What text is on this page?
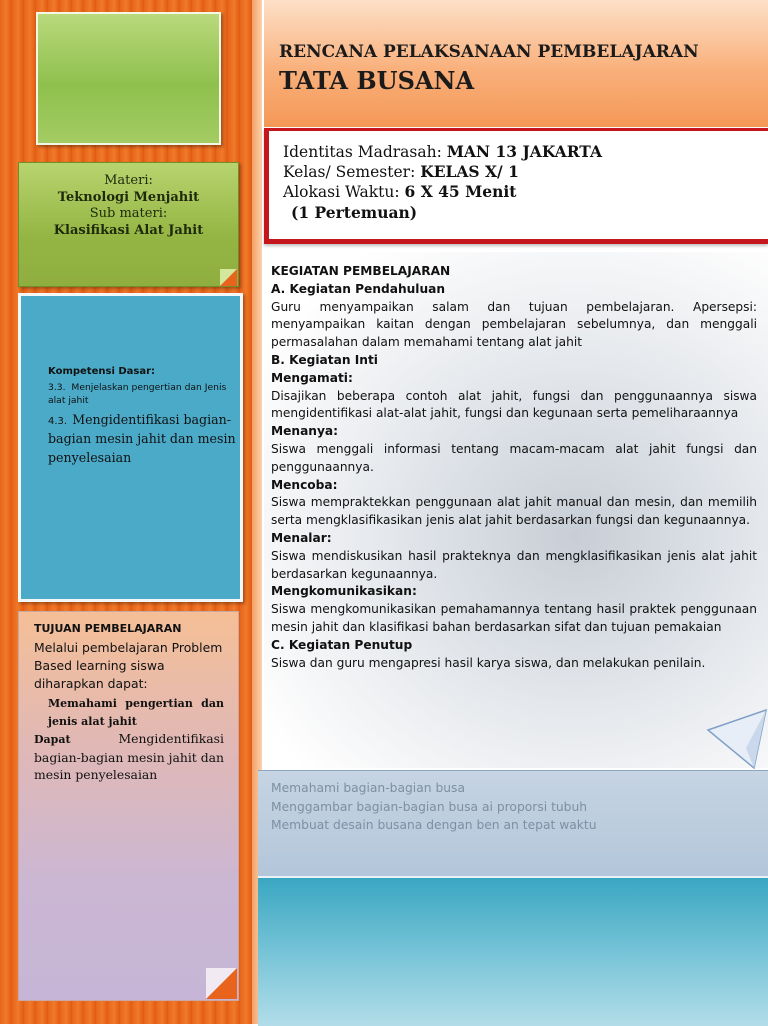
Materi:
Teknologi Menjahit
Sub materi:
Klasifikasi Alat Jahit
Kompetensi Dasar:
3.3. Menjelaskan pengertian dan Jenis alat jahit
4.3. Mengidentifikasi bagian-bagian mesin jahit dan mesin penyelesaian
TUJUAN PEMBELAJARAN
Melalui pembelajaran Problem Based learning siswa diharapkan dapat:
Memahami pengertian dan jenis alat jahit
Dapat	Mengidentifikasi bagian-bagian mesin jahit dan mesin penyelesaian
RENCANA PELAKSANAAN PEMBELAJARAN
TATA BUSANA
Identitas Madrasah: MAN 13 JAKARTA
Kelas/ Semester: KELAS X/ 1
Alokasi Waktu: 6 X 45 Menit
(1 Pertemuan)
KEGIATAN PEMBELAJARAN
A. Kegiatan Pendahuluan

Guru menyampaikan salam dan tujuan pembelajaran. Apersepsi: menyampaikan kaitan dengan pembelajaran sebelumnya, dan menggali permasalahan dalam memahami tentang alat jahit

B. Kegiatan Inti
Mengamati:

Disajikan beberapa contoh alat jahit, fungsi dan penggunaannya siswa mengidentifikasi alat-alat jahit, fungsi dan kegunaan serta pemeliharaannya

Menanya:

Siswa menggali informasi tentang macam-macam alat jahit fungsi dan penggunaannya.

Mencoba:

Siswa mempraktekkan penggunaan alat jahit manual dan mesin, dan memilih serta mengklasifikasikan jenis alat jahit berdasarkan fungsi dan kegunaannya.

Menalar:

Siswa mendiskusikan hasil prakteknya dan mengklasifikasikan jenis alat jahit berdasarkan kegunaannya.

Mengkomunikasikan:

Siswa mengkomunikasikan pemahamannya tentang hasil praktek penggunaan mesin jahit dan klasifikasi bahan berdasarkan sifat dan tujuan pemakaian

C. Kegiatan Penutup

Siswa dan guru mengapresi hasil karya siswa, dan melakukan penilain.

Memahami bagian-bagian busa
Menggambar bagian-bagian busa ai proporsi tubuh
Membuat desain busana dengan ben an tepat waktu
